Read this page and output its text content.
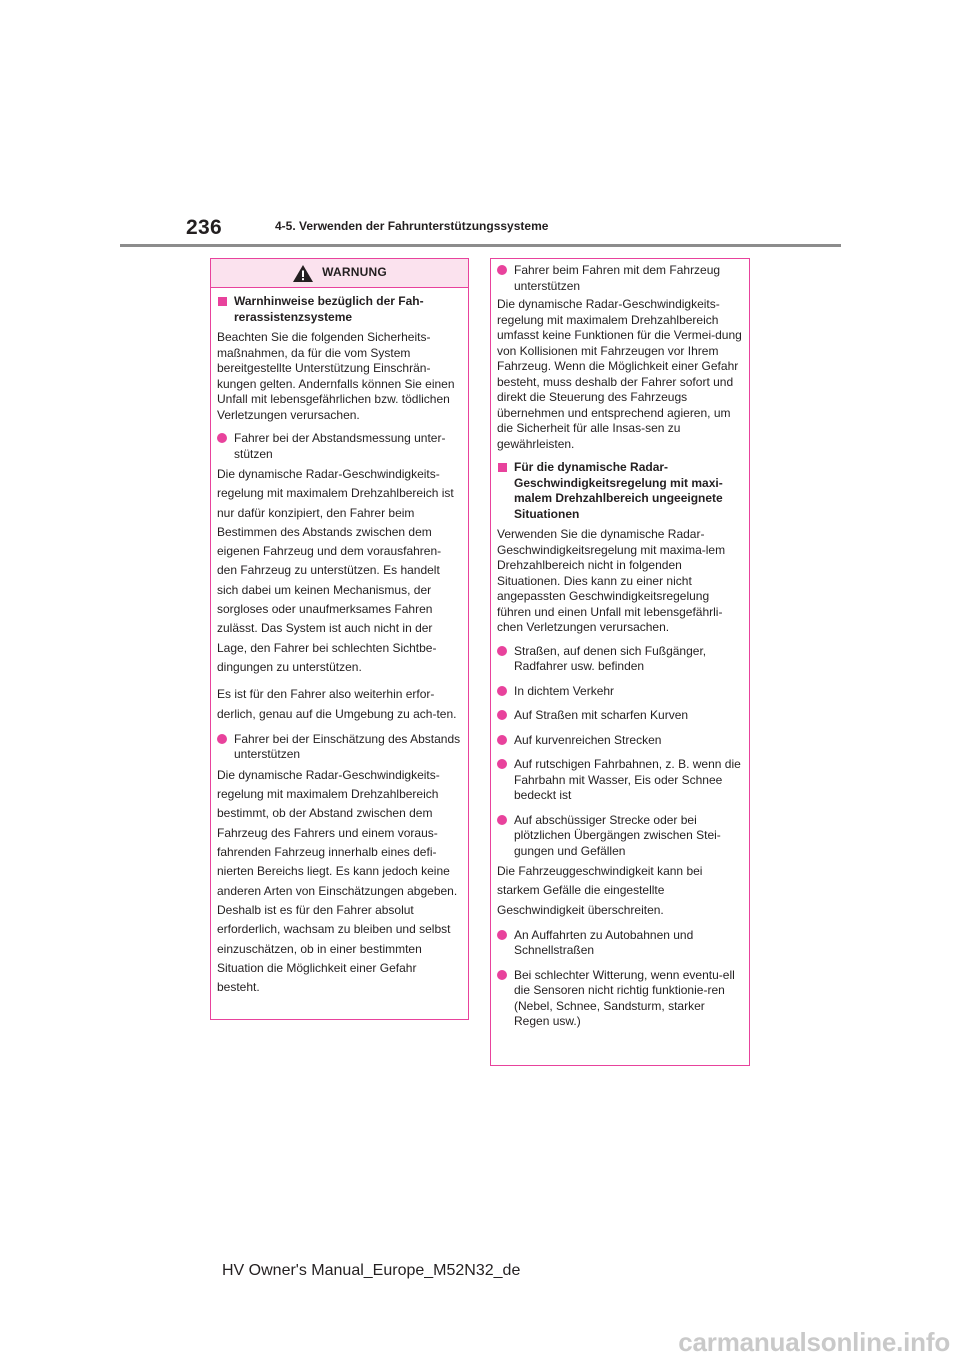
236	4-5. Verwenden der Fahrunterstützungssysteme
WARNUNG
Warnhinweise bezüglich der Fah-rerassistenzsysteme

Beachten Sie die folgenden Sicherheits-maßnahmen, da für die vom System bereitgestellte Unterstützung Einschrän-kungen gelten. Andernfalls können Sie einen Unfall mit lebensgefährlichen bzw. tödlichen Verletzungen verursachen.

Fahrer bei der Abstandsmessung unter-stützen

Die dynamische Radar-Geschwindigkeits-regelung mit maximalem Drehzahlbereich ist nur dafür konzipiert, den Fahrer beim Bestimmen des Abstands zwischen dem eigenen Fahrzeug und dem vorausfahren-den Fahrzeug zu unterstützen. Es handelt sich dabei um keinen Mechanismus, der sorgloses oder unaufmerksames Fahren zulässt. Das System ist auch nicht in der Lage, den Fahrer bei schlechten Sichtbe-dingungen zu unterstützen.

Es ist für den Fahrer also weiterhin erfor-derlich, genau auf die Umgebung zu ach-ten.

Fahrer bei der Einschätzung des Abstands unterstützen

Die dynamische Radar-Geschwindigkeits-regelung mit maximalem Drehzahlbereich bestimmt, ob der Abstand zwischen dem Fahrzeug des Fahrers und einem voraus-fahrenden Fahrzeug innerhalb eines defi-nierten Bereichs liegt. Es kann jedoch keine anderen Arten von Einschätzungen abgeben. Deshalb ist es für den Fahrer absolut erforderlich, wachsam zu bleiben und selbst einzuschätzen, ob in einer bestimmten Situation die Möglichkeit einer Gefahr besteht.

Fahrer beim Fahren mit dem Fahrzeug unterstützen

Die dynamische Radar-Geschwindigkeits-regelung mit maximalem Drehzahlbereich umfasst keine Funktionen für die Vermei-dung von Kollisionen mit Fahrzeugen vor Ihrem Fahrzeug. Wenn die Möglichkeit einer Gefahr besteht, muss deshalb der Fahrer sofort und direkt die Steuerung des Fahrzeugs übernehmen und entsprechend agieren, um die Sicherheit für alle Insas-sen zu gewährleisten.

Für die dynamische Radar-Geschwindigkeitsregelung mit maxi-malem Drehzahlbereich ungeeignete Situationen

Verwenden Sie die dynamische Radar-Geschwindigkeitsregelung mit maxima-lem Drehzahlbereich nicht in folgenden Situationen. Dies kann zu einer nicht angepassten Geschwindigkeitsregelung führen und einen Unfall mit lebensgefährli-chen Verletzungen verursachen.

Straßen, auf denen sich Fußgänger, Radfahrer usw. befinden
In dichtem Verkehr
Auf Straßen mit scharfen Kurven
Auf kurvenreichen Strecken
Auf rutschigen Fahrbahnen, z. B. wenn die Fahrbahn mit Wasser, Eis oder Schnee bedeckt ist
Auf abschüssiger Strecke oder bei plötzlichen Übergängen zwischen Stei-gungen und Gefällen

Die Fahrzeuggeschwindigkeit kann bei starkem Gefälle die eingestellte Geschwindigkeit überschreiten.

An Auffahrten zu Autobahnen und Schnellstraßen
Bei schlechter Witterung, wenn eventu-ell die Sensoren nicht richtig funktionie-ren (Nebel, Schnee, Sandsturm, starker Regen usw.)
HV Owner's Manual_Europe_M52N32_de
carmanualsonline.info
